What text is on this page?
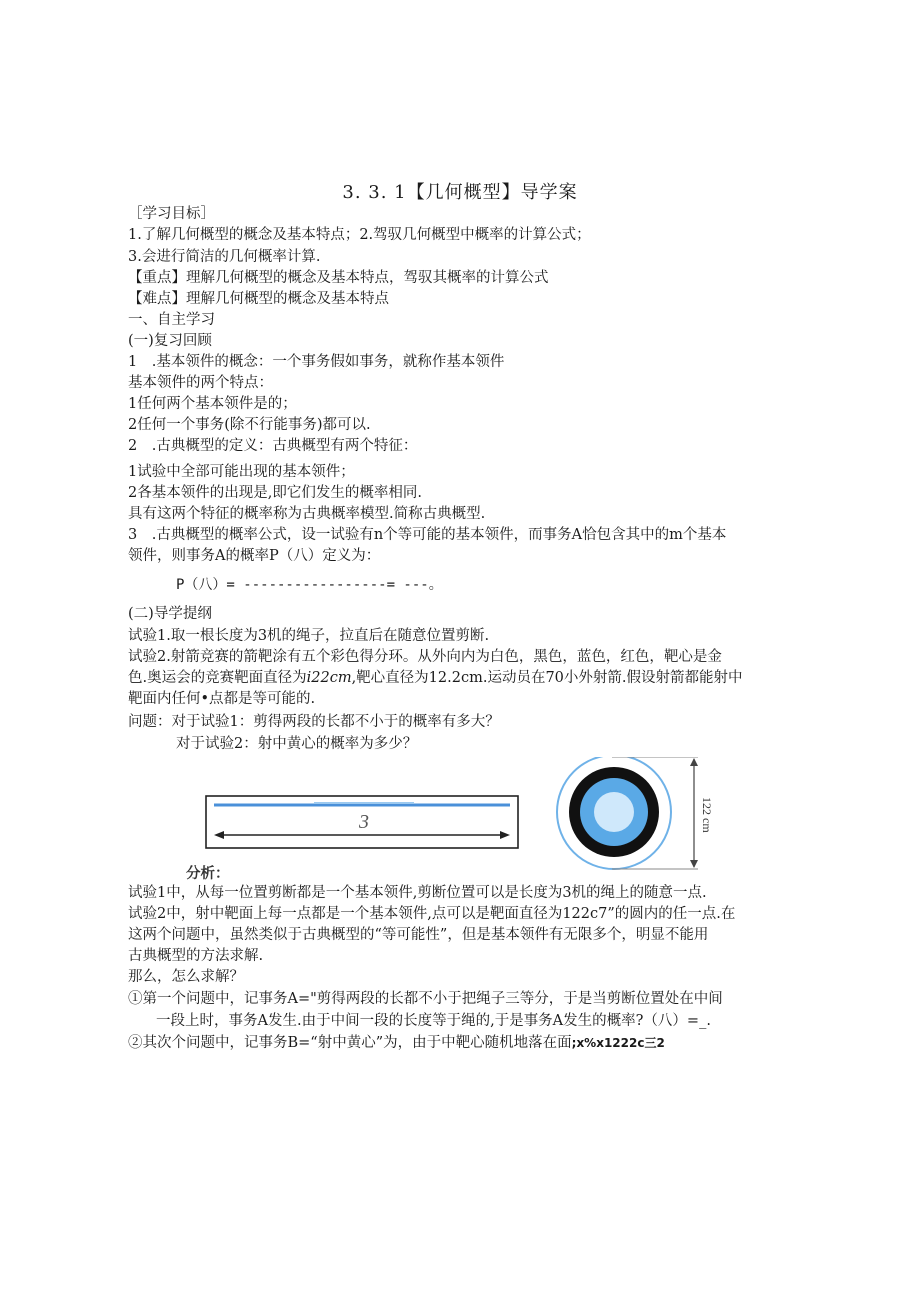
3. 3. 1【几何概型】导学案
［学习目标］
1.了解几何概型的概念及基本特点；2.驾驭几何概型中概率的计算公式；
3.会进行简洁的几何概率计算.
【重点】理解几何概型的概念及基本特点，驾驭其概率的计算公式
【难点】理解几何概型的概念及基本特点
一、自主学习
(一)复习回顾
1　.基本领件的概念：一个事务假如事务，就称作基本领件
基本领件的两个特点：
1任何两个基本领件是的；
2任何一个事务(除不行能事务)都可以.
2　.古典概型的定义：古典概型有两个特征：
1试验中全部可能出现的基本领件；
2各基本领件的出现是,即它们发生的概率相同.
具有这两个特征的概率称为古典概率模型.简称古典概型.
3　.古典概型的概率公式，设一试验有n个等可能的基本领件，而事务A恰包含其中的m个基本
领件，则事务A的概率P（八）定义为：
P（八）= -----------------= ---。
(二)导学提纲
试验1.取一根长度为3机的绳子，拉直后在随意位置剪断.
试验2.射箭竞赛的箭靶涂有五个彩色得分环。从外向内为白色，黑色，蓝色，红色，靶心是金
色.奥运会的竞赛靶面直径为i22cm,靶心直径为12.2cm.运动员在70小外射箭.假设射箭都能射中
靶面内任何•点都是等可能的.
问题：对于试验1：剪得两段的长都不小于的概率有多大？
对于试验2：射中黄心的概率为多少？
3	122 cm
分析：
试验1中，从每一位置剪断都是一个基本领件,剪断位置可以是长度为3机的绳上的随意一点.
试验2中，射中靶面上每一点都是一个基本领件,点可以是靶面直径为122c7”的圆内的任一点.在
这两个问题中，虽然类似于古典概型的“等可能性”，但是基本领件有无限多个，明显不能用
古典概型的方法求解.
那么，怎么求解？
①第一个问题中，记事务A="剪得两段的长都不小于把绳子三等分，于是当剪断位置处在中间
一段上时，事务A发生.由于中间一段的长度等于绳的,于是事务A发生的概率?（八）=_.
②其次个问题中，记事务B=“射中黄心”为，由于中靶心随机地落在面;x%x1222c三2
